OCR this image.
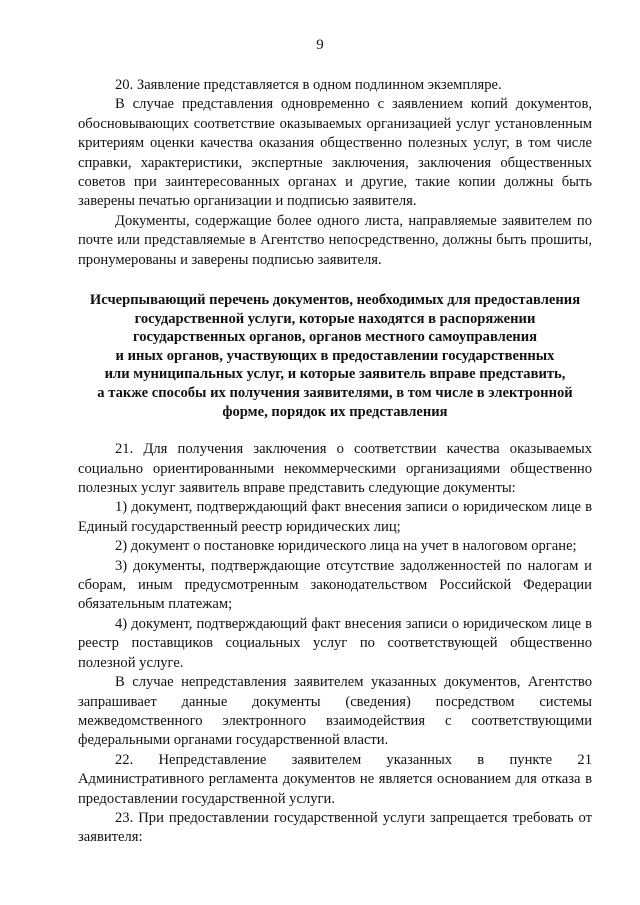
9

20. Заявление представляется в одном подлинном экземпляре.

В случае представления одновременно с заявлением копий документов, обосновывающих соответствие оказываемых организацией услуг установленным критериям оценки качества оказания общественно полезных услуг, в том числе справки, характеристики, экспертные заключения, заключения общественных советов при заинтересованных органах и другие, такие копии должны быть заверены печатью организации и подписью заявителя.

Документы, содержащие более одного листа, направляемые заявителем по почте или представляемые в Агентство непосредственно, должны быть прошиты, пронумерованы и заверены подписью заявителя.

Исчерпывающий перечень документов, необходимых для предоставления
государственной услуги, которые находятся в распоряжении
государственных органов, органов местного самоуправления
и иных органов, участвующих в предоставлении государственных
или муниципальных услуг, и которые заявитель вправе представить,
а также способы их получения заявителями, в том числе в электронной
форме, порядок их представления

21. Для получения заключения о соответствии качества оказываемых социально ориентированными некоммерческими организациями общественно полезных услуг заявитель вправе представить следующие документы:

1) документ, подтверждающий факт внесения записи о юридическом лице в Единый государственный реестр юридических лиц;

2) документ о постановке юридического лица на учет в налоговом органе;

3) документы, подтверждающие отсутствие задолженностей по налогам и сборам, иным предусмотренным законодательством Российской Федерации обязательным платежам;

4) документ, подтверждающий факт внесения записи о юридическом лице в реестр поставщиков социальных услуг по соответствующей общественно полезной услуге.

В случае непредставления заявителем указанных документов, Агентство запрашивает данные документы (сведения) посредством системы межведомственного электронного взаимодействия с соответствующими федеральными органами государственной власти.

22. Непредставление заявителем указанных в пункте 21 Административного регламента документов не является основанием для отказа в предоставлении государственной услуги.

23. При предоставлении государственной услуги запрещается требовать от заявителя:
